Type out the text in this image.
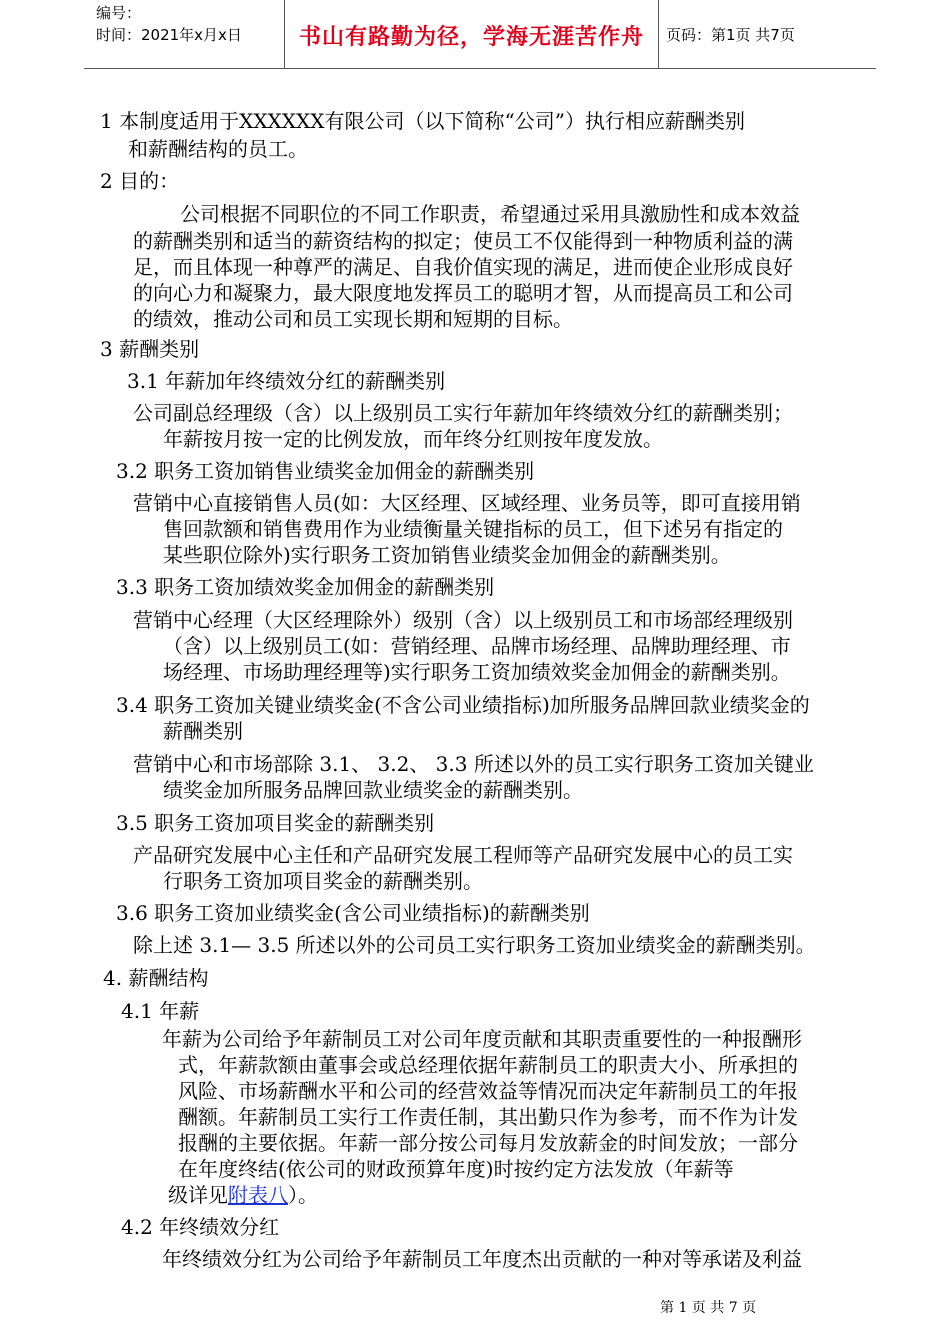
编号：
时间：2021年x月x日	书山有路勤为径，学海无涯苦作舟	页码：第1页 共7页
1 本制度适用于XXXXXX有限公司（以下简称“公司”）执行相应薪酬类别
和薪酬结构的员工。
2 目的：
公司根据不同职位的不同工作职责，希望通过采用具激励性和成本效益
的薪酬类别和适当的薪资结构的拟定；使员工不仅能得到一种物质利益的满
足，而且体现一种尊严的满足、自我价值实现的满足，进而使企业形成良好
的向心力和凝聚力，最大限度地发挥员工的聪明才智，从而提高员工和公司
的绩效，推动公司和员工实现长期和短期的目标。
3 薪酬类别
3.1 年薪加年终绩效分红的薪酬类别
公司副总经理级（含）以上级别员工实行年薪加年终绩效分红的薪酬类别；
年薪按月按一定的比例发放，而年终分红则按年度发放。
3.2 职务工资加销售业绩奖金加佣金的薪酬类别
营销中心直接销售人员(如：大区经理、区域经理、业务员等，即可直接用销
售回款额和销售费用作为业绩衡量关键指标的员工，但下述另有指定的
某些职位除外)实行职务工资加销售业绩奖金加佣金的薪酬类别。
3.3 职务工资加绩效奖金加佣金的薪酬类别
营销中心经理（大区经理除外）级别（含）以上级别员工和市场部经理级别
（含）以上级别员工(如：营销经理、品牌市场经理、品牌助理经理、市
场经理、市场助理经理等)实行职务工资加绩效奖金加佣金的薪酬类别。
3.4 职务工资加关键业绩奖金(不含公司业绩指标)加所服务品牌回款业绩奖金的
薪酬类别
营销中心和市场部除 3.1、 3.2、 3.3 所述以外的员工实行职务工资加关键业
绩奖金加所服务品牌回款业绩奖金的薪酬类别。
3.5 职务工资加项目奖金的薪酬类别
产品研究发展中心主任和产品研究发展工程师等产品研究发展中心的员工实
行职务工资加项目奖金的薪酬类别。
3.6 职务工资加业绩奖金(含公司业绩指标)的薪酬类别
除上述 3.1— 3.5 所述以外的公司员工实行职务工资加业绩奖金的薪酬类别。
4. 薪酬结构
4.1 年薪
年薪为公司给予年薪制员工对公司年度贡献和其职责重要性的一种报酬形
式，年薪款额由董事会或总经理依据年薪制员工的职责大小、所承担的
风险、市场薪酬水平和公司的经营效益等情况而决定年薪制员工的年报
酬额。年薪制员工实行工作责任制，其出勤只作为参考，而不作为计发
报酬的主要依据。年薪一部分按公司每月发放薪金的时间发放；一部分
在年度终结(依公司的财政预算年度)时按约定方法发放（年薪等
级详见附表八）。
4.2 年终绩效分红
年终绩效分红为公司给予年薪制员工年度杰出贡献的一种对等承诺及利益
第 1 页 共 7 页
